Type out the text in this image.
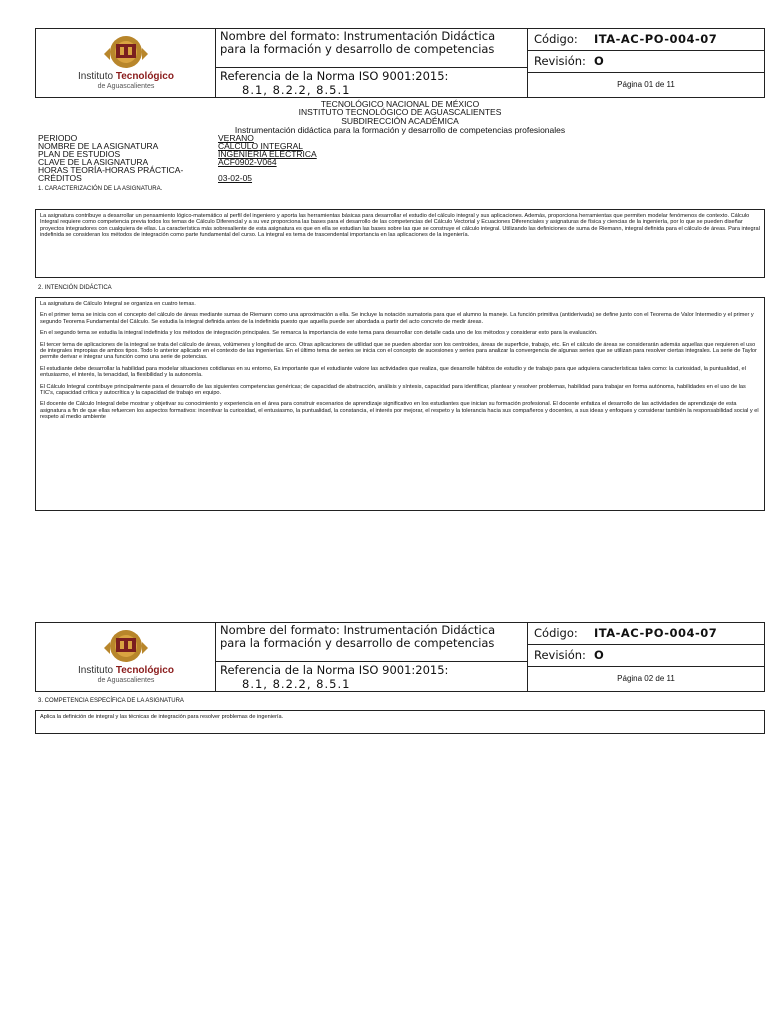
Instituto Tecnológico
de Aguascalientes
Nombre del formato: Instrumentación Didáctica para la formación y desarrollo de competencias
Referencia de la Norma ISO 9001:2015:
8.1, 8.2.2, 8.5.1
Código: ITA-AC-PO-004-07
Revisión: O
Página 01 de 11
TECNOLÓGICO NACIONAL DE MÉXICO
INSTITUTO TECNOLÓGICO DE AGUASCALIENTES
SUBDIRECCIÓN ACADÉMICA
Instrumentación didáctica para la formación y desarrollo de competencias profesionales
PERIODO	VERANO
NOMBRE DE LA ASIGNATURA	CÁLCULO INTEGRAL
PLAN DE ESTUDIOS	INGENIERÍA ELÉCTRICA
CLAVE DE LA ASIGNATURA	ACF0902-V064
HORAS TEORÍA-HORAS PRÁCTICA-CRÉDITOS	03-02-05
1. CARACTERIZACIÓN DE LA ASIGNATURA.

La asignatura contribuye a desarrollar un pensamiento lógico-matemático al perfil del ingeniero y aporta las herramientas básicas para desarrollar el estudio del cálculo integral y sus aplicaciones. Además, proporciona herramientas que permiten modelar fenómenos de contexto. Cálculo Integral requiere como competencia previa todos los temas de Cálculo Diferencial y a su vez proporciona las bases para el desarrollo de las competencias del Cálculo Vectorial y Ecuaciones Diferenciales y asignaturas de física y ciencias de la ingeniería, por lo que se pueden diseñar proyectos integradores con cualquiera de ellas. La característica más sobresaliente de esta asignatura es que en ella se estudian las bases sobre las que se construye el cálculo integral. Utilizando las definiciones de suma de Riemann, integral definida para el cálculo de áreas. Para integral indefinida se consideran los métodos de integración como parte fundamental del curso. La integral es tema de trascendental importancia en las aplicaciones de la ingeniería.

2. INTENCIÓN DIDÁCTICA

La asignatura de Cálculo Integral se organiza en cuatro temas.

En el primer tema se inicia con el concepto del cálculo de áreas mediante sumas de Riemann como una aproximación a ella. Se incluye la notación sumatoria para que el alumno la maneje. La función primitiva (antiderivada) se define junto con el Teorema de Valor Intermedio y el primer y segundo Teorema Fundamental del Cálculo. Se estudia la integral definida antes de la indefinida puesto que aquella puede ser abordada a partir del acto concreto de medir áreas.

En el segundo tema se estudia la integral indefinida y los métodos de integración principales. Se remarca la importancia de este tema para desarrollar con detalle cada uno de los métodos y considerar esto para la evaluación.

El tercer tema de aplicaciones de la integral se trata del cálculo de áreas, volúmenes y longitud de arco. Otras aplicaciones de utilidad que se pueden abordar son los centroides, áreas de superficie, trabajo, etc. En el cálculo de áreas se considerarán además aquellas que requieren el uso de integrales impropias de ambos tipos. Todo lo anterior aplicado en el contexto de las ingenierías. En el último tema de series se inicia con el concepto de sucesiones y series para analizar la convergencia de algunas series que se utilizan para resolver ciertas integrales. La serie de Taylor permite derivar e integrar una función como una serie de potencias.

El estudiante debe desarrollar la habilidad para modelar situaciones cotidianas en su entorno, Es importante que el estudiante valore las actividades que realiza, que desarrolle hábitos de estudio y de trabajo para que adquiera características tales como: la curiosidad, la puntualidad, el entusiasmo, el interés, la tenacidad, la flexibilidad y la autonomía.

El Cálculo Integral contribuye principalmente para el desarrollo de las siguientes competencias genéricas; de capacidad de abstracción, análisis y síntesis, capacidad para identificar, plantear y resolver problemas, habilidad para trabajar en forma autónoma, habilidades en el uso de las TIC's, capacidad crítica y autocrítica y la capacidad de trabajo en equipo.

El docente de Cálculo Integral debe mostrar y objetivar su conocimiento y experiencia en el área para construir escenarios de aprendizaje significativo en los estudiantes que inician su formación profesional. El docente enfatiza el desarrollo de las actividades de aprendizaje de esta asignatura a fin de que ellas refuercen los aspectos formativos: incentivar la curiosidad, el entusiasmo, la puntualidad, la constancia, el interés por mejorar, el respeto y la tolerancia hacia sus compañeros y docentes, a sus ideas y enfoques y considerar también la responsabilidad social y el respeto al medio ambiente

Instituto Tecnológico
de Aguascalientes
Nombre del formato: Instrumentación Didáctica para la formación y desarrollo de competencias
Referencia de la Norma ISO 9001:2015:
8.1, 8.2.2, 8.5.1
Código: ITA-AC-PO-004-07
Revisión: O
Página 02 de 11
3. COMPETENCIA ESPECÍFICA DE LA ASIGNATURA

Aplica la definición de integral y las técnicas de integración para resolver problemas de ingeniería.
